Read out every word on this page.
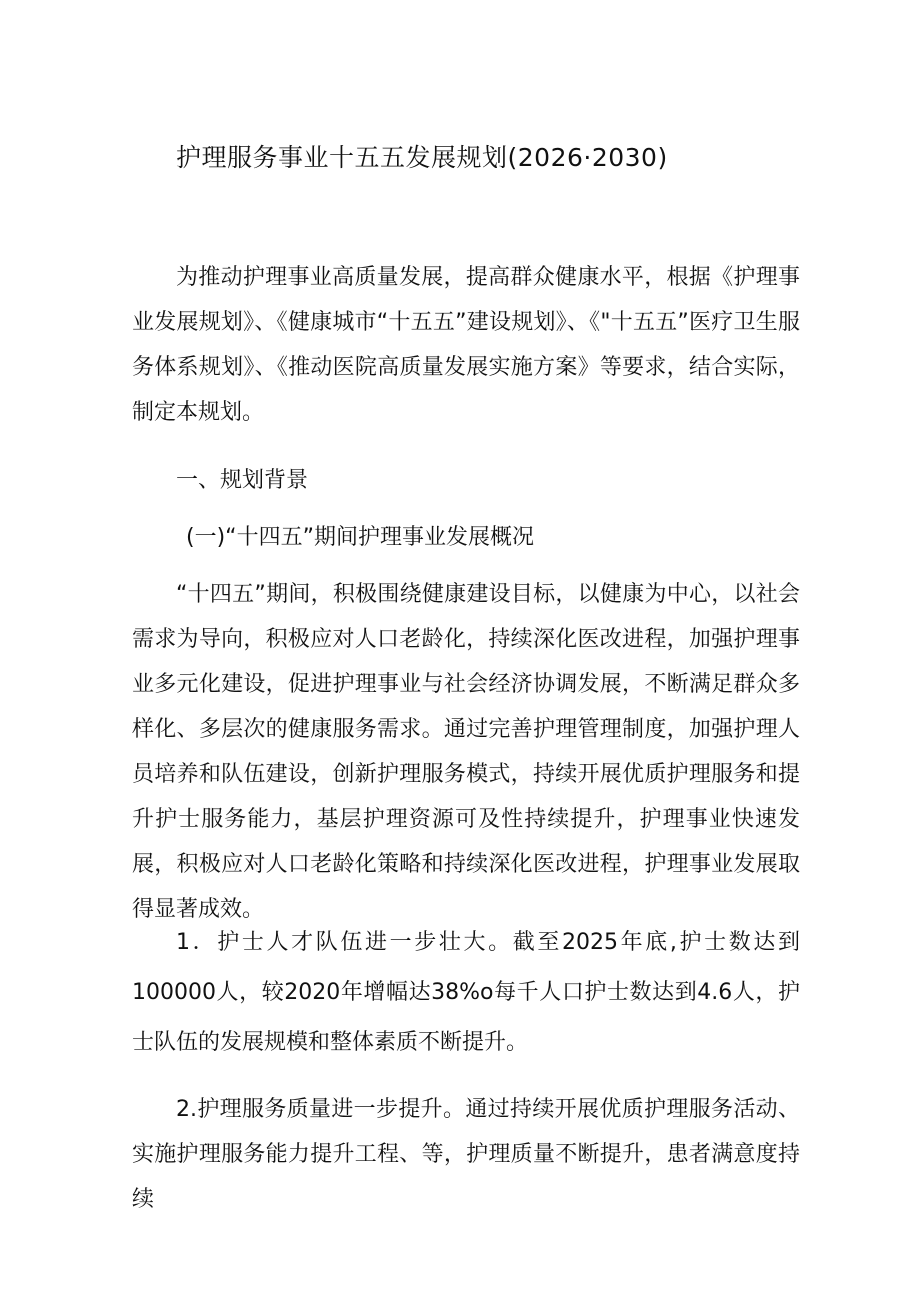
护理服务事业十五五发展规划(2026·2030)

为推动护理事业高质量发展，提高群众健康水平，根据《护理事业发展规划》、《健康城市“十五五”建设规划》、《"十五五”医疗卫生服务体系规划》、《推动医院高质量发展实施方案》等要求，结合实际，制定本规划。

一、规划背景
(一)“十四五”期间护理事业发展概况

“十四五”期间，积极围绕健康建设目标，以健康为中心，以社会需求为导向，积极应对人口老龄化，持续深化医改进程，加强护理事业多元化建设，促进护理事业与社会经济协调发展，不断满足群众多样化、多层次的健康服务需求。通过完善护理管理制度，加强护理人员培养和队伍建设，创新护理服务模式，持续开展优质护理服务和提升护士服务能力，基层护理资源可及性持续提升，护理事业快速发展，积极应对人口老龄化策略和持续深化医改进程，护理事业发展取得显著成效。

1．护士人才队伍进一步壮大。截至2025年底,护士数达到100000人，较2020年增幅达38%o每千人口护士数达到4.6人，护士队伍的发展规模和整体素质不断提升。

2.护理服务质量进一步提升。通过持续开展优质护理服务活动、实施护理服务能力提升工程、等，护理质量不断提升，患者满意度持续
